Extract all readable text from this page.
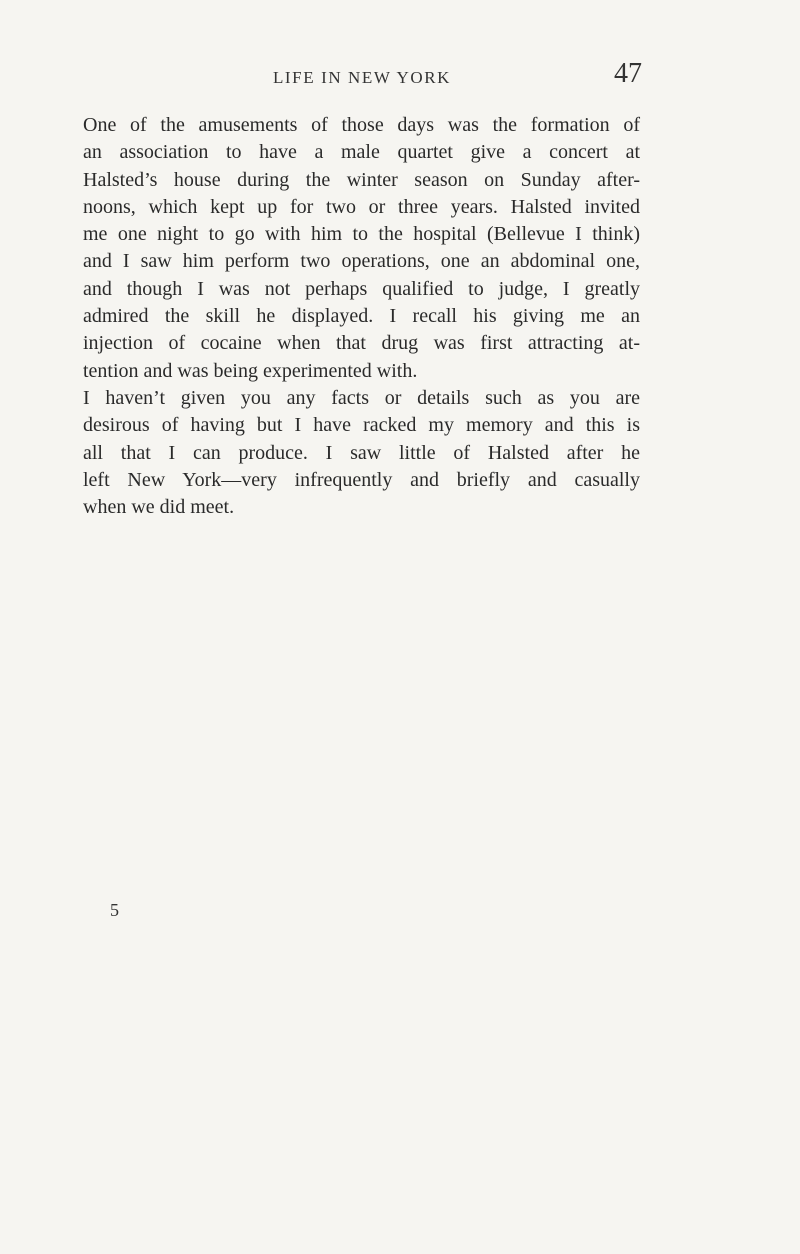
LIFE IN NEW YORK	47
One of the amusements of those days was the formation of
an association to have a male quartet give a concert at
Halsted’s house during the winter season on Sunday after-
noons, which kept up for two or three years. Halsted invited
me one night to go with him to the hospital (Bellevue I think)
and I saw him perform two operations, one an abdominal one,
and though I was not perhaps qualified to judge, I greatly
admired the skill he displayed. I recall his giving me an
injection of cocaine when that drug was first attracting at-
tention and was being experimented with.
I haven’t given you any facts or details such as you are
desirous of having but I have racked my memory and this is
all that I can produce. I saw little of Halsted after he
left New York—very infrequently and briefly and casually
when we did meet.
5
